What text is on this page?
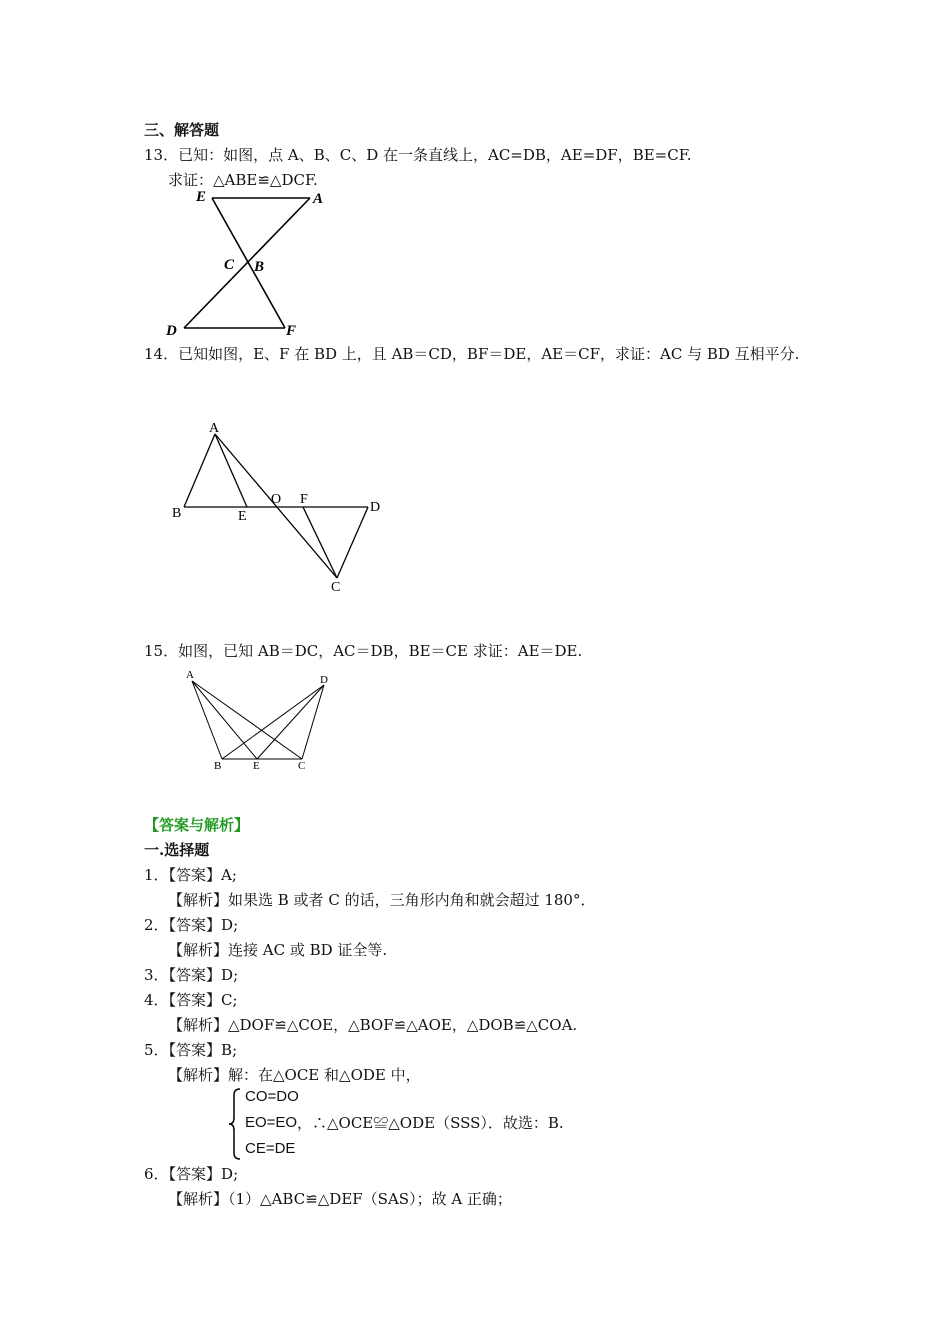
三、解答题
13．已知：如图，点 A、B、C、D 在一条直线上，AC=DB，AE=DF，BE=CF.
求证：△ABE≌△DCF.
E	A
C B
D	F
14．已知如图，E、F 在 BD 上，且 AB＝CD，BF＝DE，AE＝CF，求证：AC 与 BD 互相平分.
A
B	E
O F
D
C
15．如图，已知 AB＝DC，AC＝DB，BE＝CE 求证：AE＝DE.
A	D
B	E	C
【答案与解析】
一.选择题
1．【答案】A;
【解析】如果选 B 或者 C 的话，三角形内角和就会超过 180°．
2．【答案】D;
【解析】连接 AC 或 BD 证全等.
3．【答案】D;
4．【答案】C;
【解析】△DOF≌△COE，△BOF≌△AOE，△DOB≌△COA.
5．【答案】B;
【解析】解：在△OCE 和△ODE 中，
CO=DO
EO=EO ，∴△OCE≌△ODE（SSS）．故选：B.
CE=DE
6．【答案】D;
【解析】（1）△ABC≌△DEF（SAS）；故 A 正确；
